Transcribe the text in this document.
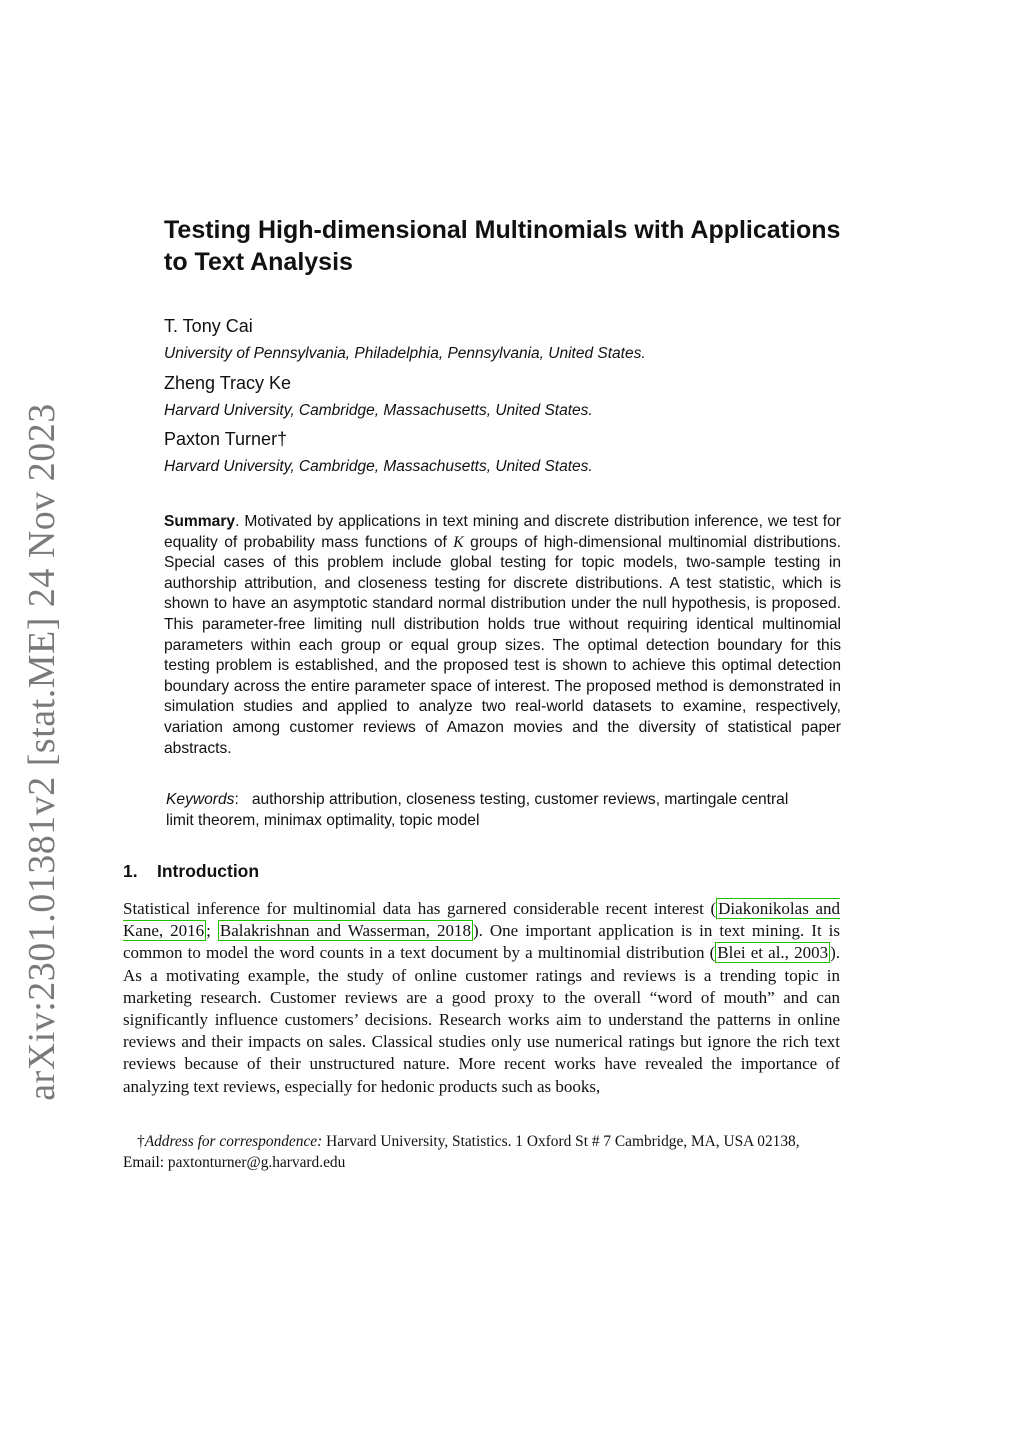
arXiv:2301.01381v2 [stat.ME] 24 Nov 2023
Testing High-dimensional Multinomials with Applications to Text Analysis
T. Tony Cai
University of Pennsylvania, Philadelphia, Pennsylvania, United States.
Zheng Tracy Ke
Harvard University, Cambridge, Massachusetts, United States.
Paxton Turner†
Harvard University, Cambridge, Massachusetts, United States.

Summary. Motivated by applications in text mining and discrete distribution inference, we test for equality of probability mass functions of K groups of high-dimensional multinomial distributions. Special cases of this problem include global testing for topic models, two-sample testing in authorship attribution, and closeness testing for discrete distributions. A test statistic, which is shown to have an asymptotic standard normal distribution under the null hypothesis, is proposed. This parameter-free limiting null distribution holds true without requiring identical multinomial parameters within each group or equal group sizes. The optimal detection boundary for this testing problem is established, and the proposed test is shown to achieve this optimal detection boundary across the entire parameter space of interest. The proposed method is demonstrated in simulation studies and applied to analyze two real-world datasets to examine, respectively, variation among customer reviews of Amazon movies and the diversity of statistical paper abstracts.

Keywords:   authorship attribution, closeness testing, customer reviews, martingale central limit theorem, minimax optimality, topic model

1. Introduction

Statistical inference for multinomial data has garnered considerable recent interest ( Diakonikolas and Kane, 2016 ; Balakrishnan and Wasserman, 2018 ). One important application is in text mining. It is common to model the word counts in a text document by a multinomial distribution ( Blei et al., 2003 ). As a motivating example, the study of online customer ratings and reviews is a trending topic in marketing research. Customer reviews are a good proxy to the overall “word of mouth” and can significantly influence customers’ decisions. Research works aim to understand the patterns in online reviews and their impacts on sales. Classical studies only use numerical ratings but ignore the rich text reviews because of their unstructured nature. More recent works have revealed the importance of analyzing text reviews, especially for hedonic products such as books,

†Address for correspondence: Harvard University, Statistics. 1 Oxford St # 7 Cambridge, MA, USA 02138, Email: paxtonturner@g.harvard.edu
